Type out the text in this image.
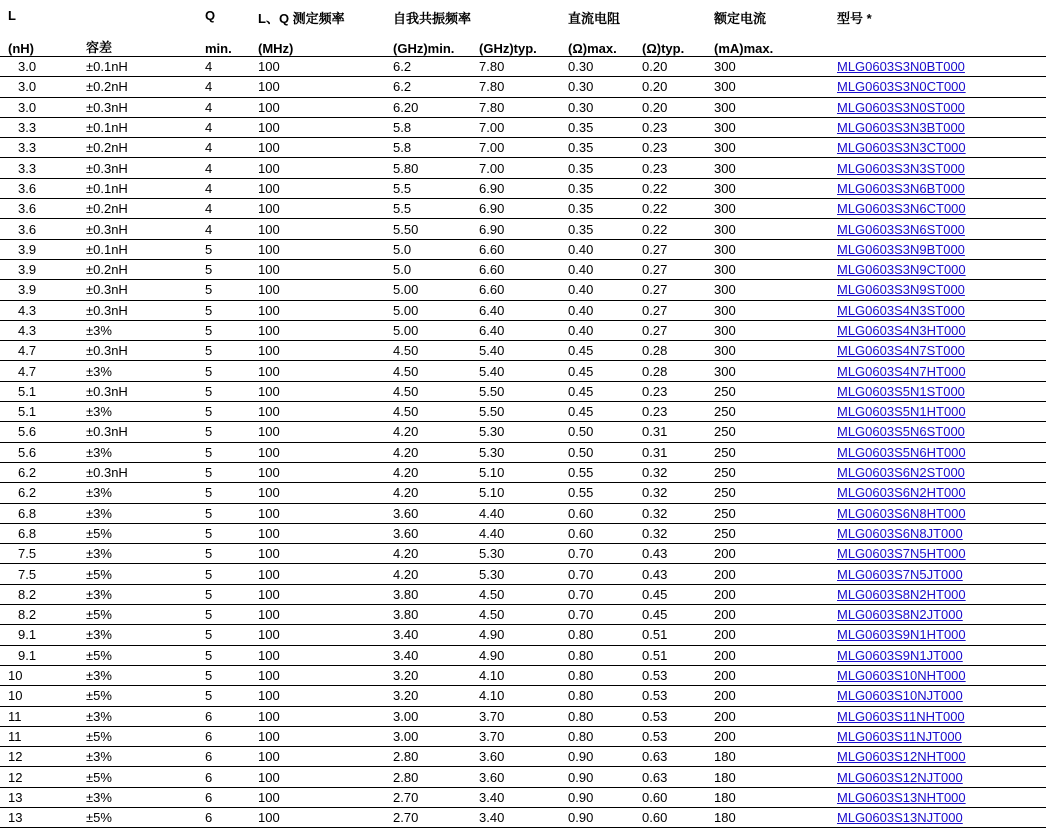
L		Q	L、Q 测定频率	自我共振频率		直流电阻		额定电流	型号 *
(nH)	容差	min.	(MHz)	(GHz)min.	(GHz)typ.	(Ω)max.	(Ω)typ.	(mA)max.	
3.0	±0.1nH	4	100	6.2	7.80	0.30	0.20	300	MLG0603S3N0BT000
3.0	±0.2nH	4	100	6.2	7.80	0.30	0.20	300	MLG0603S3N0CT000
3.0	±0.3nH	4	100	6.20	7.80	0.30	0.20	300	MLG0603S3N0ST000
3.3	±0.1nH	4	100	5.8	7.00	0.35	0.23	300	MLG0603S3N3BT000
3.3	±0.2nH	4	100	5.8	7.00	0.35	0.23	300	MLG0603S3N3CT000
3.3	±0.3nH	4	100	5.80	7.00	0.35	0.23	300	MLG0603S3N3ST000
3.6	±0.1nH	4	100	5.5	6.90	0.35	0.22	300	MLG0603S3N6BT000
3.6	±0.2nH	4	100	5.5	6.90	0.35	0.22	300	MLG0603S3N6CT000
3.6	±0.3nH	4	100	5.50	6.90	0.35	0.22	300	MLG0603S3N6ST000
3.9	±0.1nH	5	100	5.0	6.60	0.40	0.27	300	MLG0603S3N9BT000
3.9	±0.2nH	5	100	5.0	6.60	0.40	0.27	300	MLG0603S3N9CT000
3.9	±0.3nH	5	100	5.00	6.60	0.40	0.27	300	MLG0603S3N9ST000
4.3	±0.3nH	5	100	5.00	6.40	0.40	0.27	300	MLG0603S4N3ST000
4.3	±3%	5	100	5.00	6.40	0.40	0.27	300	MLG0603S4N3HT000
4.7	±0.3nH	5	100	4.50	5.40	0.45	0.28	300	MLG0603S4N7ST000
4.7	±3%	5	100	4.50	5.40	0.45	0.28	300	MLG0603S4N7HT000
5.1	±0.3nH	5	100	4.50	5.50	0.45	0.23	250	MLG0603S5N1ST000
5.1	±3%	5	100	4.50	5.50	0.45	0.23	250	MLG0603S5N1HT000
5.6	±0.3nH	5	100	4.20	5.30	0.50	0.31	250	MLG0603S5N6ST000
5.6	±3%	5	100	4.20	5.30	0.50	0.31	250	MLG0603S5N6HT000
6.2	±0.3nH	5	100	4.20	5.10	0.55	0.32	250	MLG0603S6N2ST000
6.2	±3%	5	100	4.20	5.10	0.55	0.32	250	MLG0603S6N2HT000
6.8	±3%	5	100	3.60	4.40	0.60	0.32	250	MLG0603S6N8HT000
6.8	±5%	5	100	3.60	4.40	0.60	0.32	250	MLG0603S6N8JT000
7.5	±3%	5	100	4.20	5.30	0.70	0.43	200	MLG0603S7N5HT000
7.5	±5%	5	100	4.20	5.30	0.70	0.43	200	MLG0603S7N5JT000
8.2	±3%	5	100	3.80	4.50	0.70	0.45	200	MLG0603S8N2HT000
8.2	±5%	5	100	3.80	4.50	0.70	0.45	200	MLG0603S8N2JT000
9.1	±3%	5	100	3.40	4.90	0.80	0.51	200	MLG0603S9N1HT000
9.1	±5%	5	100	3.40	4.90	0.80	0.51	200	MLG0603S9N1JT000
10	±3%	5	100	3.20	4.10	0.80	0.53	200	MLG0603S10NHT000
10	±5%	5	100	3.20	4.10	0.80	0.53	200	MLG0603S10NJT000
11	±3%	6	100	3.00	3.70	0.80	0.53	200	MLG0603S11NHT000
11	±5%	6	100	3.00	3.70	0.80	0.53	200	MLG0603S11NJT000
12	±3%	6	100	2.80	3.60	0.90	0.63	180	MLG0603S12NHT000
12	±5%	6	100	2.80	3.60	0.90	0.63	180	MLG0603S12NJT000
13	±3%	6	100	2.70	3.40	0.90	0.60	180	MLG0603S13NHT000
13	±5%	6	100	2.70	3.40	0.90	0.60	180	MLG0603S13NJT000
